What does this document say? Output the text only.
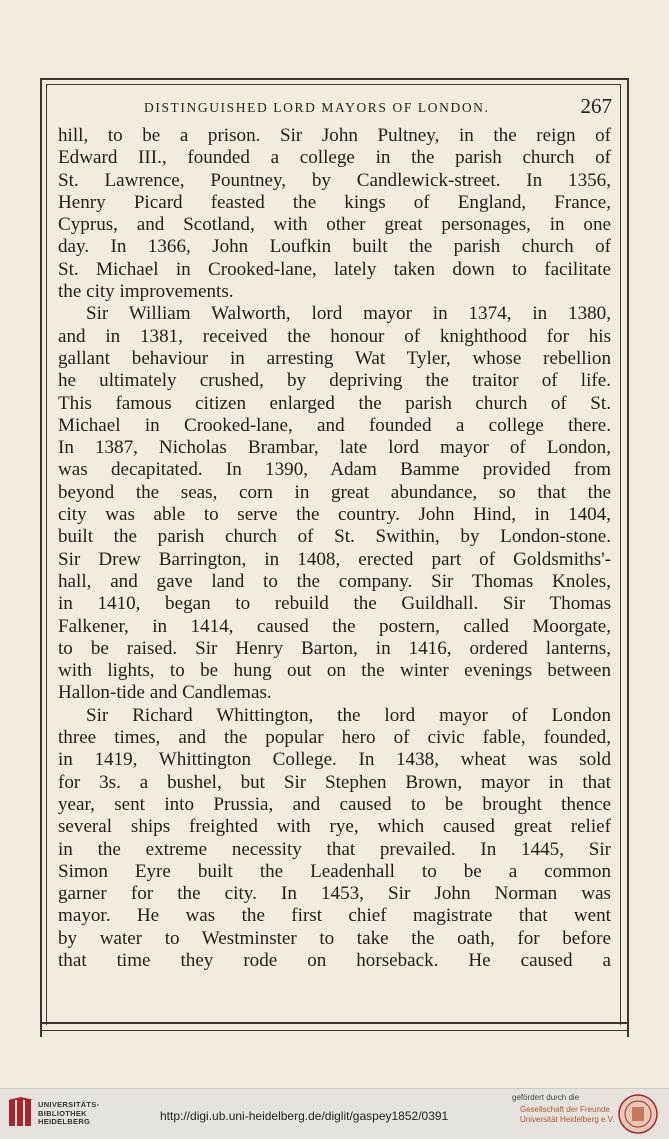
DISTINGUISHED LORD MAYORS OF LONDON.	267
hill, to be a prison. Sir John Pultney, in the reign of
Edward III., founded a college in the parish church of
St. Lawrence, Pountney, by Candlewick-street. In 1356,
Henry Picard feasted the kings of England, France,
Cyprus, and Scotland, with other great personages, in one
day. In 1366, John Loufkin built the parish church of
St. Michael in Crooked-lane, lately taken down to facilitate
the city improvements.
Sir William Walworth, lord mayor in 1374, in 1380,
and in 1381, received the honour of knighthood for his
gallant behaviour in arresting Wat Tyler, whose rebellion
he ultimately crushed, by depriving the traitor of life.
This famous citizen enlarged the parish church of St.
Michael in Crooked-lane, and founded a college there.
In 1387, Nicholas Brambar, late lord mayor of London,
was decapitated. In 1390, Adam Bamme provided from
beyond the seas, corn in great abundance, so that the
city was able to serve the country. John Hind, in 1404,
built the parish church of St. Swithin, by London-stone.
Sir Drew Barrington, in 1408, erected part of Goldsmiths'-
hall, and gave land to the company. Sir Thomas Knoles,
in 1410, began to rebuild the Guildhall. Sir Thomas
Falkener, in 1414, caused the postern, called Moorgate,
to be raised. Sir Henry Barton, in 1416, ordered lanterns,
with lights, to be hung out on the winter evenings between
Hallon-tide and Candlemas.
Sir Richard Whittington, the lord mayor of London
three times, and the popular hero of civic fable, founded,
in 1419, Whittington College. In 1438, wheat was sold
for 3s. a bushel, but Sir Stephen Brown, mayor in that
year, sent into Prussia, and caused to be brought thence
several ships freighted with rye, which caused great relief
in the extreme necessity that prevailed. In 1445, Sir
Simon Eyre built the Leadenhall to be a common
garner for the city. In 1453, Sir John Norman was
mayor. He was the first chief magistrate that went
by water to Westminster to take the oath, for before
that time they rode on horseback. He caused a
UNIVERSITÄTS-
BIBLIOTHEK
HEIDELBERG	http://digi.ub.uni-heidelberg.de/diglit/gaspey1852/0391
gefördert durch die
Gesellschaft der Freunde
Universität Heidelberg e.V.
